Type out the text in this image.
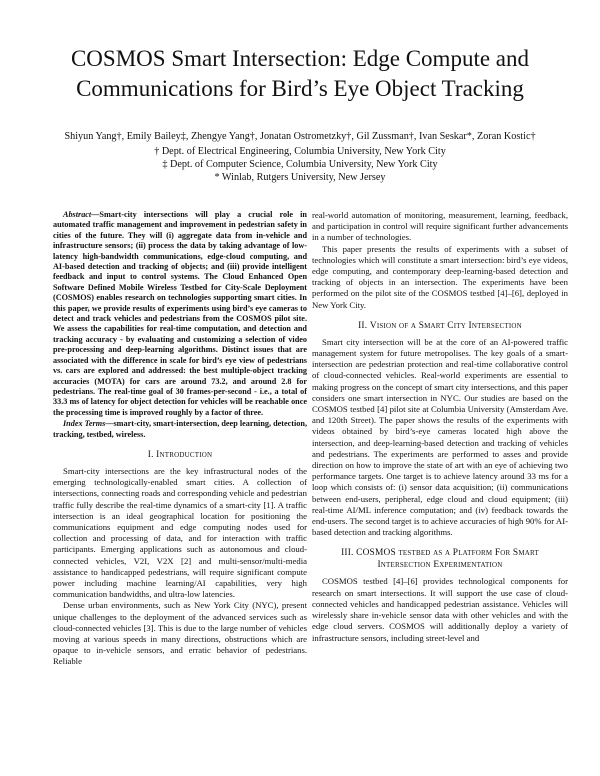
COSMOS Smart Intersection: Edge Compute and
Communications for Bird’s Eye Object Tracking
Shiyun Yang†, Emily Bailey‡, Zhengye Yang†, Jonatan Ostrometzky†, Gil Zussman†, Ivan Seskar*, Zoran Kostic†
† Dept. of Electrical Engineering, Columbia University, New York City
‡ Dept. of Computer Science, Columbia University, New York City
* Winlab, Rutgers University, New Jersey

Abstract—Smart-city intersections will play a crucial role in automated traffic management and improvement in pedestrian safety in cities of the future. They will (i) aggregate data from in-vehicle and infrastructure sensors; (ii) process the data by taking advantage of low-latency high-bandwidth communications, edge-cloud computing, and AI-based detection and tracking of objects; and (iii) provide intelligent feedback and input to control systems. The Cloud Enhanced Open Software Defined Mobile Wireless Testbed for City-Scale Deployment (COSMOS) enables research on technologies supporting smart cities. In this paper, we provide results of experiments using bird’s eye cameras to detect and track vehicles and pedestrians from the COSMOS pilot site. We assess the capabilities for real-time computation, and detection and tracking accuracy - by evaluating and customizing a selection of video pre-processing and deep-learning algorithms. Distinct issues that are associated with the difference in scale for bird’s eye view of pedestrians vs. cars are explored and addressed: the best multiple-object tracking accuracies (MOTA) for cars are around 73.2, and around 2.8 for pedestrians. The real-time goal of 30 frames-per-second - i.e., a total of 33.3 ms of latency for object detection for vehicles will be reachable once the processing time is improved roughly by a factor of three.

Index Terms—smart-city, smart-intersection, deep learning, detection, tracking, testbed, wireless.

I. Introduction

Smart-city intersections are the key infrastructural nodes of the emerging technologically-enabled smart cities. A collection of intersections, connecting roads and corresponding vehicle and pedestrian traffic fully describe the real-time dynamics of a smart-city [1]. A traffic intersection is an ideal geographical location for positioning the communications equipment and edge computing nodes used for collection and processing of data, and for interaction with traffic participants. Emerging applications such as autonomous and cloud-connected vehicles, V2I, V2X [2] and multi-sensor/multi-media assistance to handicapped pedestrians, will require significant compute power including machine learning/AI capabilities, very high communication bandwidths, and ultra-low latencies.

Dense urban environments, such as New York City (NYC), present unique challenges to the deployment of the advanced services such as cloud-connected vehicles [3]. This is due to the large number of vehicles moving at various speeds in many directions, obstructions which are opaque to in-vehicle sensors, and erratic behavior of pedestrians. Reliable

real-world automation of monitoring, measurement, learning, feedback, and participation in control will require significant further advancements in a number of technologies.

This paper presents the results of experiments with a subset of technologies which will constitute a smart intersection: bird’s eye videos, edge computing, and contemporary deep-learning-based detection and tracking of objects in an intersection. The experiments have been performed on the pilot site of the COSMOS testbed [4]–[6], deployed in New York City.

II. Vision of a Smart City Intersection

Smart city intersection will be at the core of an AI-powered traffic management system for future metropolises. The key goals of a smart-intersection are pedestrian protection and real-time collaborative control of cloud-connected vehicles. Real-world experiments are essential to making progress on the concept of smart city intersections, and this paper considers one smart intersection in NYC. Our studies are based on the COSMOS testbed [4] pilot site at Columbia University (Amsterdam Ave. and 120th Street). The paper shows the results of the experiments with videos obtained by bird’s-eye cameras located high above the intersection, and deep-learning-based detection and tracking of vehicles and pedestrians. The experiments are performed to asses and provide direction on how to improve the state of art with an eye of achieving two performance targets. One target is to achieve latency around 33 ms for a loop which consists of: (i) sensor data acquisition; (ii) communications between end-users, peripheral, edge cloud and cloud equipment; (iii) real-time AI/ML inference computation; and (iv) feedback towards the end-users. The second target is to achieve accuracies of high 90% for AI-based detection and tracking algorithms.

III. COSMOS testbed as a Platform For Smart
Intersection Experimentation

COSMOS testbed [4]–[6] provides technological components for research on smart intersections. It will support the use case of cloud-connected vehicles and handicapped pedestrian assistance. Vehicles will wirelessly share in-vehicle sensor data with other vehicles and with the edge cloud servers. COSMOS will additionally deploy a variety of infrastructure sensors, including street-level and
